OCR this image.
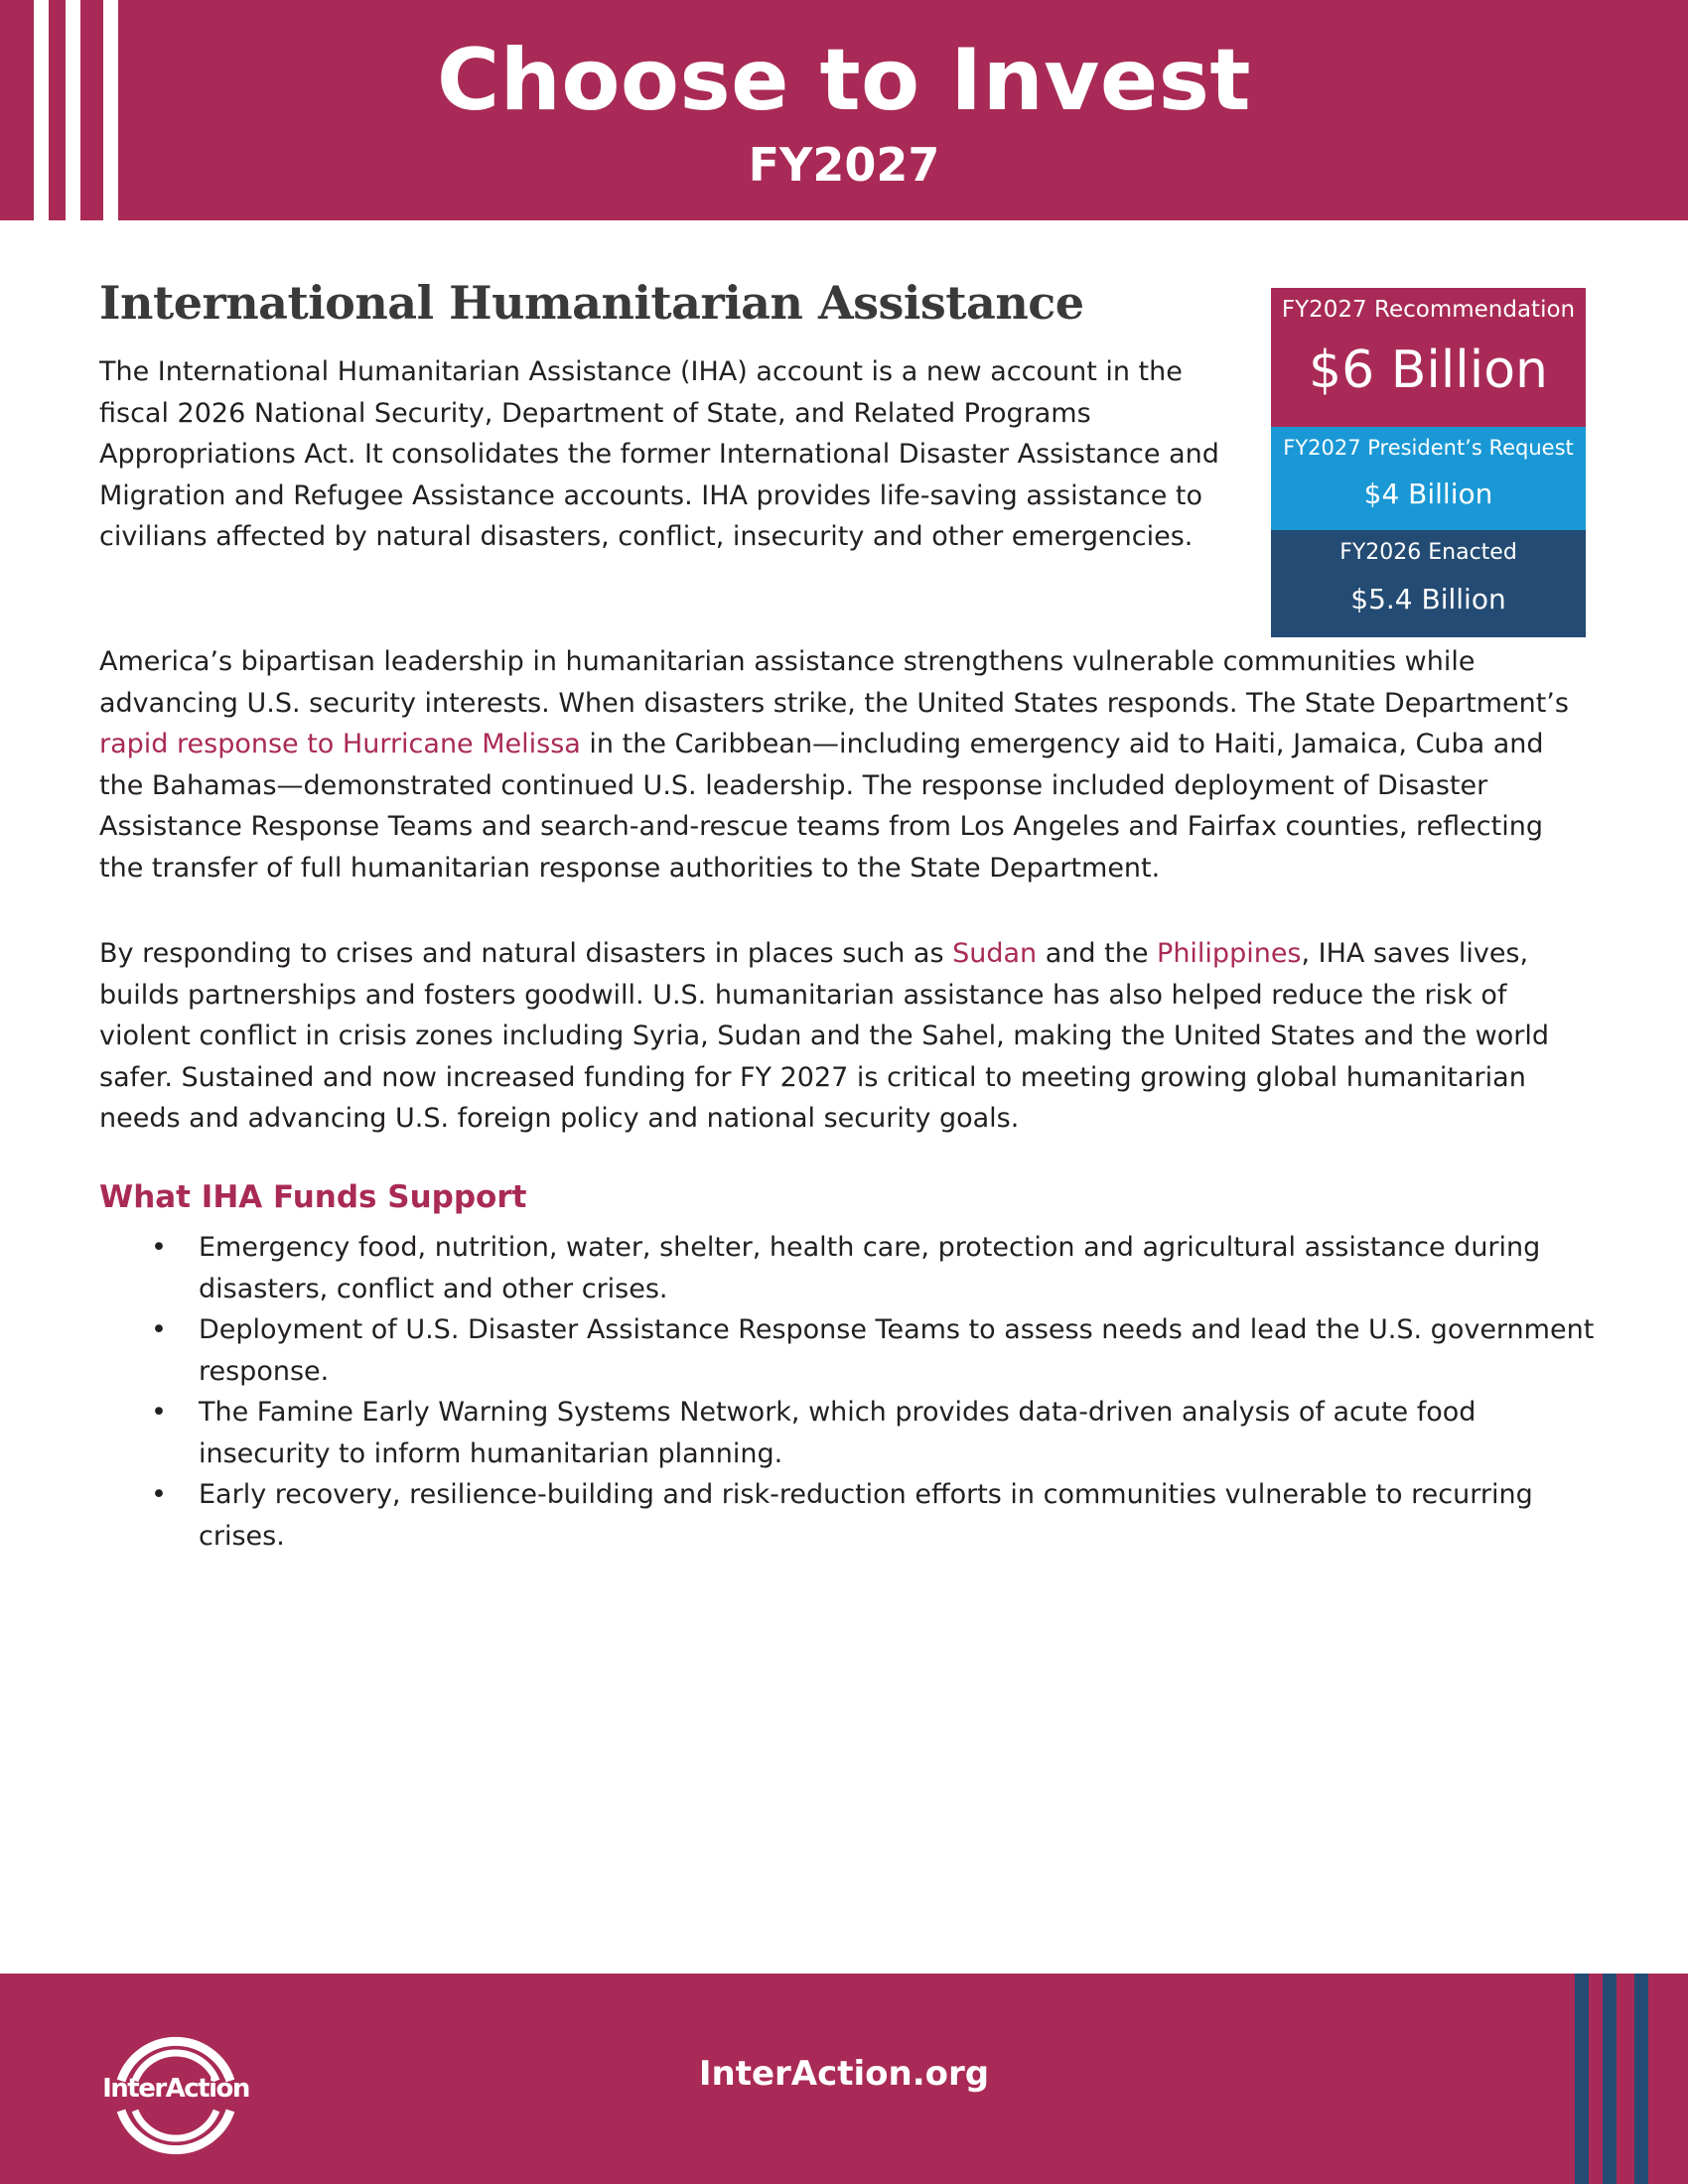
Choose to Invest
FY2027
International Humanitarian Assistance	FY2027 Recommendation
$6 Billion
FY2027 President’s Request
$4 Billion
FY2026 Enacted
$5.4 Billion

The International Humanitarian Assistance (IHA) account is a new account in the fiscal 2026 National Security, Department of State, and Related Programs Appropriations Act. It consolidates the former International Disaster Assistance and Migration and Refugee Assistance accounts. IHA provides life-saving assistance to civilians affected by natural disasters, conflict, insecurity and other emergencies.

America’s bipartisan leadership in humanitarian assistance strengthens vulnerable communities while advancing U.S. security interests. When disasters strike, the United States responds. The State Department’s rapid response to Hurricane Melissa in the Caribbean—including emergency aid to Haiti, Jamaica, Cuba and the Bahamas—demonstrated continued U.S. leadership. The response included deployment of Disaster Assistance Response Teams and search-and-rescue teams from Los Angeles and Fairfax counties, reflecting the transfer of full humanitarian response authorities to the State Department.

By responding to crises and natural disasters in places such as Sudan and the Philippines, IHA saves lives, builds partnerships and fosters goodwill. U.S. humanitarian assistance has also helped reduce the risk of violent conflict in crisis zones including Syria, Sudan and the Sahel, making the United States and the world safer. Sustained and now increased funding for FY 2027 is critical to meeting growing global humanitarian needs and advancing U.S. foreign policy and national security goals.

What IHA Funds Support
• Emergency food, nutrition, water, shelter, health care, protection and agricultural assistance during disasters, conflict and other crises.
• Deployment of U.S. Disaster Assistance Response Teams to assess needs and lead the U.S. government response.
• The Famine Early Warning Systems Network, which provides data-driven analysis of acute food insecurity to inform humanitarian planning.
• Early recovery, resilience-building and risk-reduction efforts in communities vulnerable to recurring crises.
InterAction	InterAction.org
